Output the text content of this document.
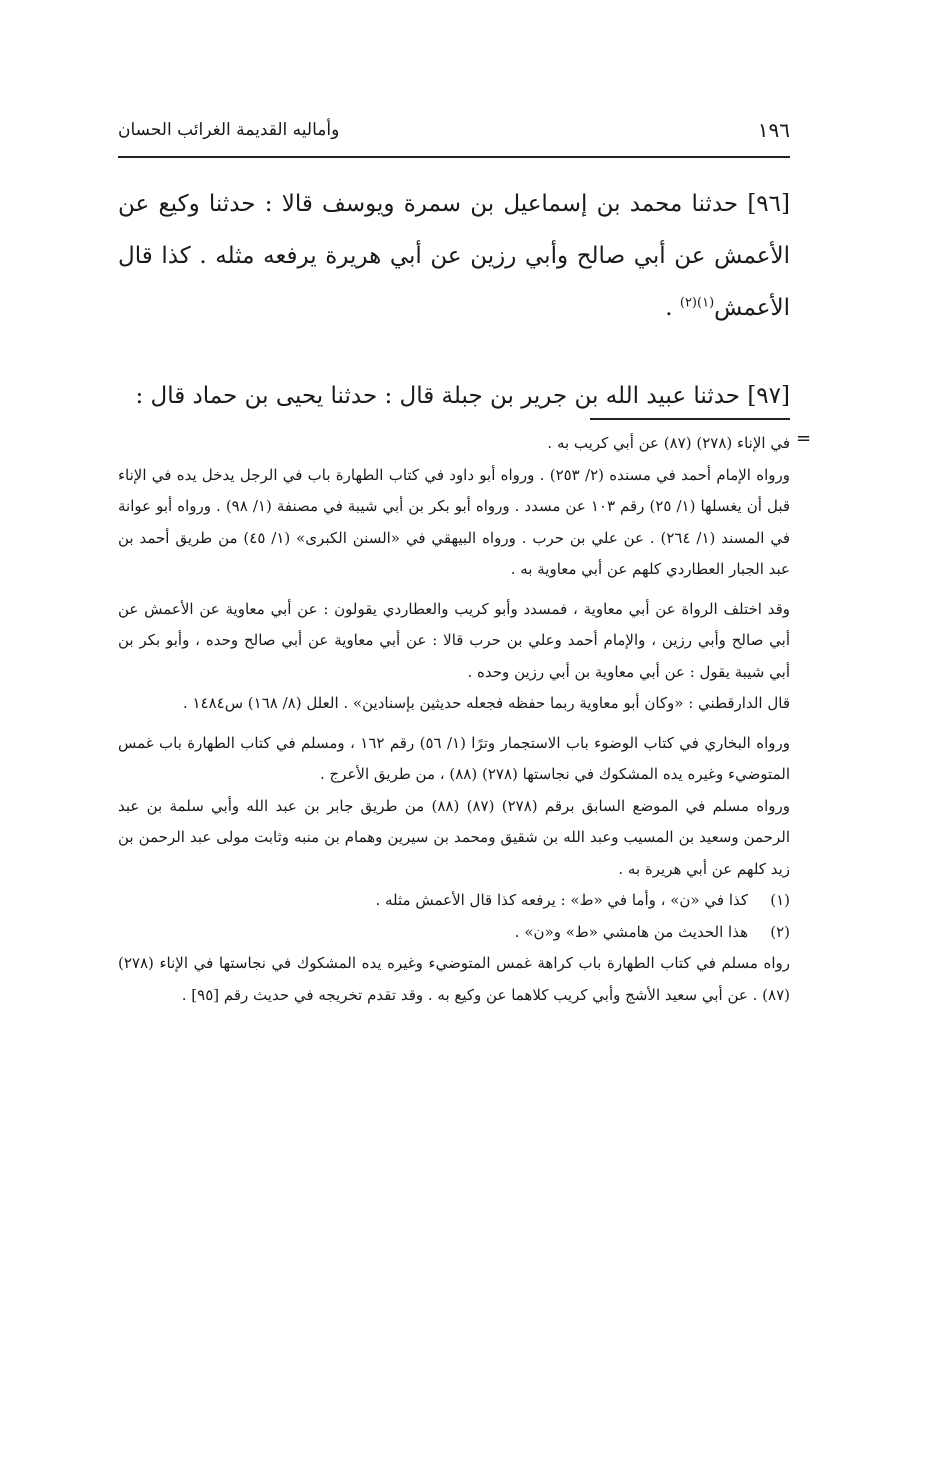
١٩٦
وأماليه القديمة الغرائب الحسان

[٩٦] حدثنا محمد بن إسماعيل بن سمرة ويوسف قالا : حدثنا وكيع عن الأعمش عن أبي صالح وأبي رزين عن أبي هريرة يرفعه مثله . كذا قال الأعمش$^{(١)(٢)}$ .

[٩٧] حدثنا عبيد الله بن جرير بن جبلة قال : حدثنا يحيى بن حماد قال :

=

في الإناء (٢٧٨) (٨٧) عن أبي كريب به .

ورواه الإمام أحمد في مسنده (٢/ ٢٥٣) . ورواه أبو داود في كتاب الطهارة باب في الرجل يدخل يده في الإناء قبل أن يغسلها (١/ ٢٥) رقم ١٠٣ عن مسدد . ورواه أبو بكر بن أبي شيبة في مصنفة (١/ ٩٨) . ورواه أبو عوانة في المسند (١/ ٢٦٤) . عن علي بن حرب . ورواه البيهقي في «السنن الكبرى» (١/ ٤٥) من طريق أحمد بن عبد الجبار العطاردي كلهم عن أبي معاوية به .

وقد اختلف الرواة عن أبي معاوية ، فمسدد وأبو كريب والعطاردي يقولون : عن أبي معاوية عن الأعمش عن أبي صالح وأبي رزين ، والإمام أحمد وعلي بن حرب قالا : عن أبي معاوية عن أبي صالح وحده ، وأبو بكر بن أبي شيبة يقول : عن أبي معاوية بن أبي رزين وحده .

قال الدارقطني : «وكان أبو معاوية ربما حفظه فجعله حديثين بإسنادين» . العلل (٨/ ١٦٨) س١٤٨٤ .

ورواه البخاري في كتاب الوضوء باب الاستجمار وترًا (١/ ٥٦) رقم ١٦٢ ، ومسلم في كتاب الطهارة باب غمس المتوضيء وغيره يده المشكوك في نجاستها (٢٧٨) (٨٨) ، من طريق الأعرج .

ورواه مسلم في الموضع السابق برقم (٢٧٨) (٨٧) (٨٨) من طريق جابر بن عبد الله وأبي سلمة بن عبد الرحمن وسعيد بن المسيب وعبد الله بن شقيق ومحمد بن سيرين وهمام بن منبه وثابت مولى عبد الرحمن بن زيد كلهم عن أبي هريرة به .

(١)
كذا في «ن» ، وأما في «ط» : يرفعه كذا قال الأعمش مثله .
(٢)
هذا الحديث من هامشي «ط» و«ن» .

رواه مسلم في كتاب الطهارة باب كراهة غمس المتوضيء وغيره يده المشكوك في نجاستها في الإناء (٢٧٨) (٨٧) . عن أبي سعيد الأشج وأبي كريب كلاهما عن وكيع به . وقد تقدم تخريجه في حديث رقم [٩٥] .
